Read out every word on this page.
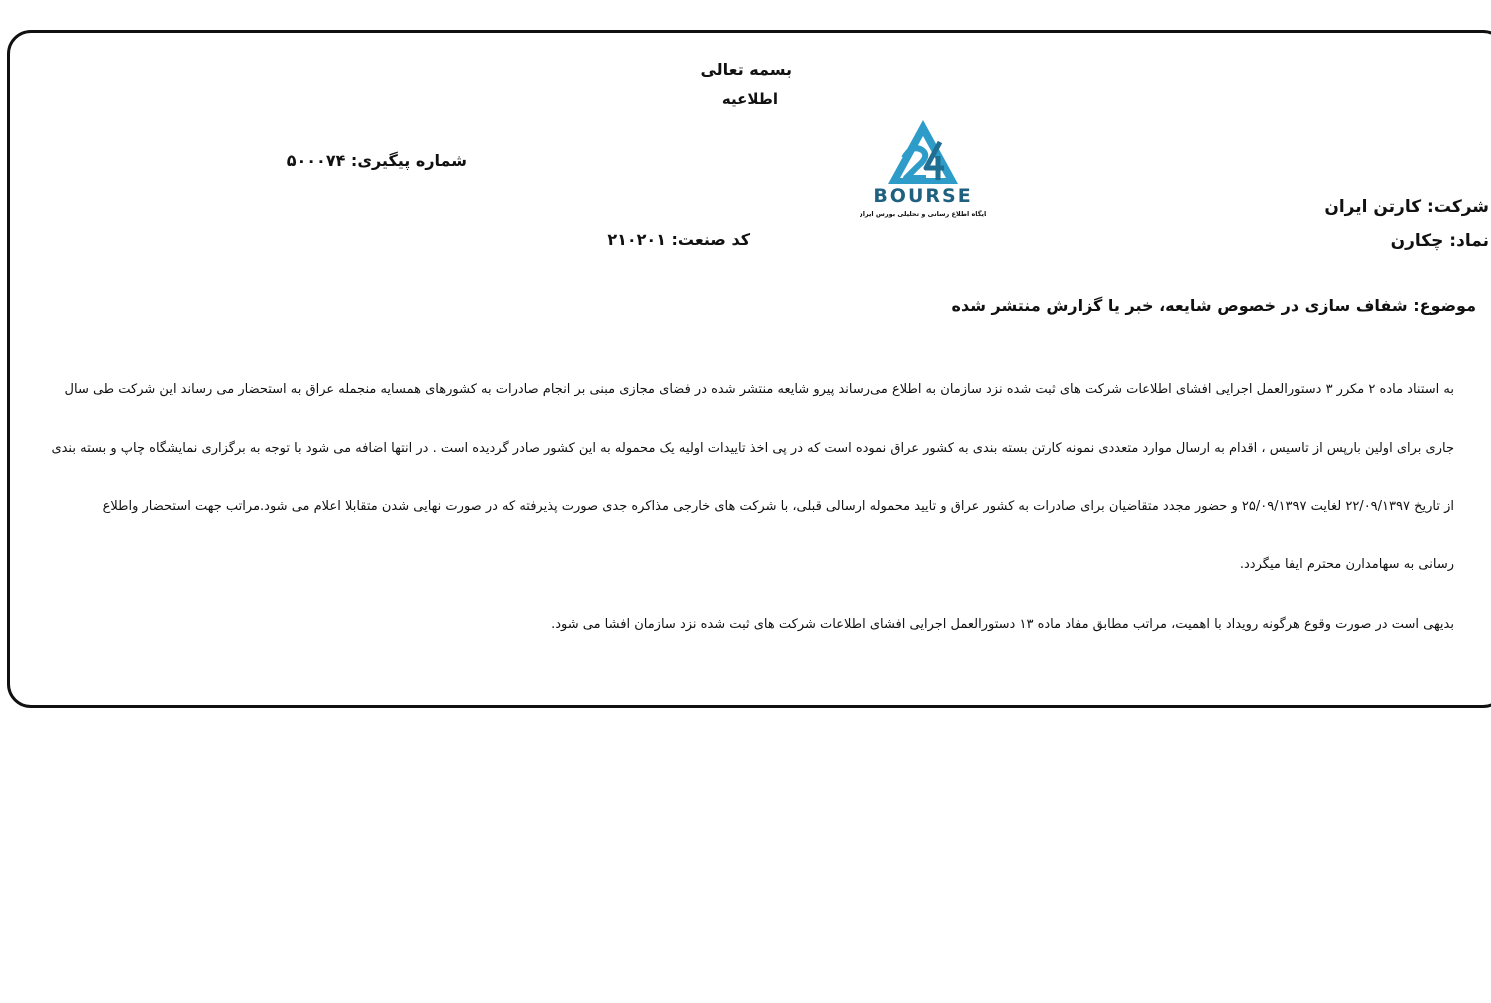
بسمه تعالی
اطلاعیه
شماره پیگیری: ۵۰۰۰۷۴
کد صنعت: ۲۱۰۲۰۱
شرکت: کارتن ایران
نماد: چکارن
BOURSE
پایگاه اطلاع رسانی و تحلیلی بورس ایران
موضوع: شفاف سازی در خصوص شایعه، خبر یا گزارش منتشر شده
به استناد ماده ۲ مکرر ۳ دستورالعمل اجرایی افشای اطلاعات شرکت های ثبت شده نزد سازمان به اطلاع می‌رساند پیرو شایعه منتشر شده در فضای مجازی مبنی بر انجام صادرات به کشورهای همسایه منجمله عراق به استحضار می رساند این شرکت طی سال
جاری برای اولین بارپس از تاسیس ، اقدام به ارسال موارد متعددی نمونه کارتن بسته بندی به کشور عراق نموده است که در پی اخذ تاییدات اولیه یک محموله به این کشور صادر گردیده است . در انتها اضافه می شود با توجه به برگزاری نمایشگاه چاپ و بسته بندی
از تاریخ ۲۲/۰۹/۱۳۹۷ لغایت ۲۵/۰۹/۱۳۹۷ و حضور مجدد متقاضیان برای صادرات به کشور عراق و تایید محموله ارسالی قبلی، با شرکت های خارجی مذاکره جدی صورت پذیرفته که در صورت نهایی شدن متقابلا اعلام می شود.مراتب جهت استحضار واطلاع
رسانی به سهامدارن محترم ایفا میگردد.
بدیهی است در صورت وقوع هرگونه رویداد با اهمیت، مراتب مطابق مفاد ماده ۱۳ دستورالعمل اجرایی افشای اطلاعات شرکت های ثبت شده نزد سازمان افشا می شود.
